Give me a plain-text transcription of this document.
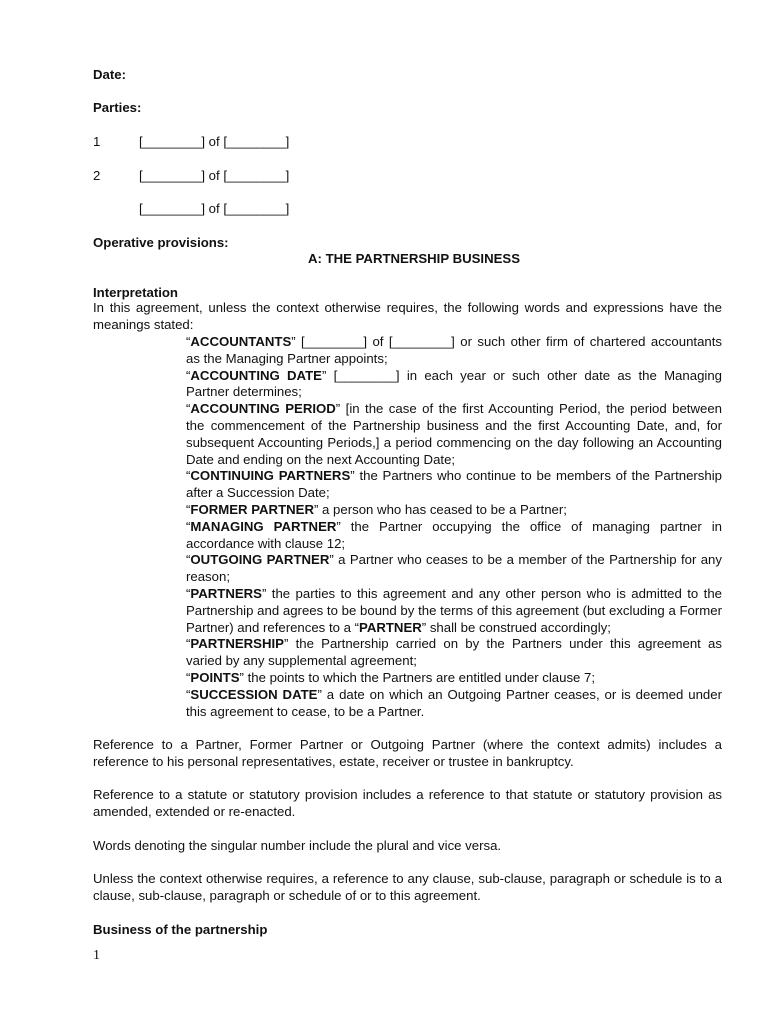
Date:
Parties:
1	[________] of [________]
2	[________] of [________]
[________] of [________]
Operative provisions:
A: THE PARTNERSHIP BUSINESS
Interpretation
In this agreement, unless the context otherwise requires, the following words and expressions have the meanings stated:

“ACCOUNTANTS” [________] of [________] or such other firm of chartered accountants as the Managing Partner appoints;

“ACCOUNTING DATE” [________] in each year or such other date as the Managing Partner determines;

“ACCOUNTING PERIOD” [in the case of the first Accounting Period, the period between the commencement of the Partnership business and the first Accounting Date, and, for subsequent Accounting Periods,] a period commencing on the day following an Accounting Date and ending on the next Accounting Date;

“CONTINUING PARTNERS” the Partners who continue to be members of the Partnership after a Succession Date;

“FORMER PARTNER” a person who has ceased to be a Partner;

“MANAGING PARTNER” the Partner occupying the office of managing partner in accordance with clause 12;

“OUTGOING PARTNER” a Partner who ceases to be a member of the Partnership for any reason;

“PARTNERS” the parties to this agreement and any other person who is admitted to the Partnership and agrees to be bound by the terms of this agreement (but excluding a Former Partner) and references to a “PARTNER” shall be construed accordingly;

“PARTNERSHIP” the Partnership carried on by the Partners under this agreement as varied by any supplemental agreement;

“POINTS” the points to which the Partners are entitled under clause 7;

“SUCCESSION DATE” a date on which an Outgoing Partner ceases, or is deemed under this agreement to cease, to be a Partner.

Reference to a Partner, Former Partner or Outgoing Partner (where the context admits) includes a reference to his personal representatives, estate, receiver or trustee in bankruptcy.
Reference to a statute or statutory provision includes a reference to that statute or statutory provision as amended, extended or re-enacted.
Words denoting the singular number include the plural and vice versa.
Unless the context otherwise requires, a reference to any clause, sub-clause, paragraph or schedule is to a clause, sub-clause, paragraph or schedule of or to this agreement.
Business of the partnership
1
